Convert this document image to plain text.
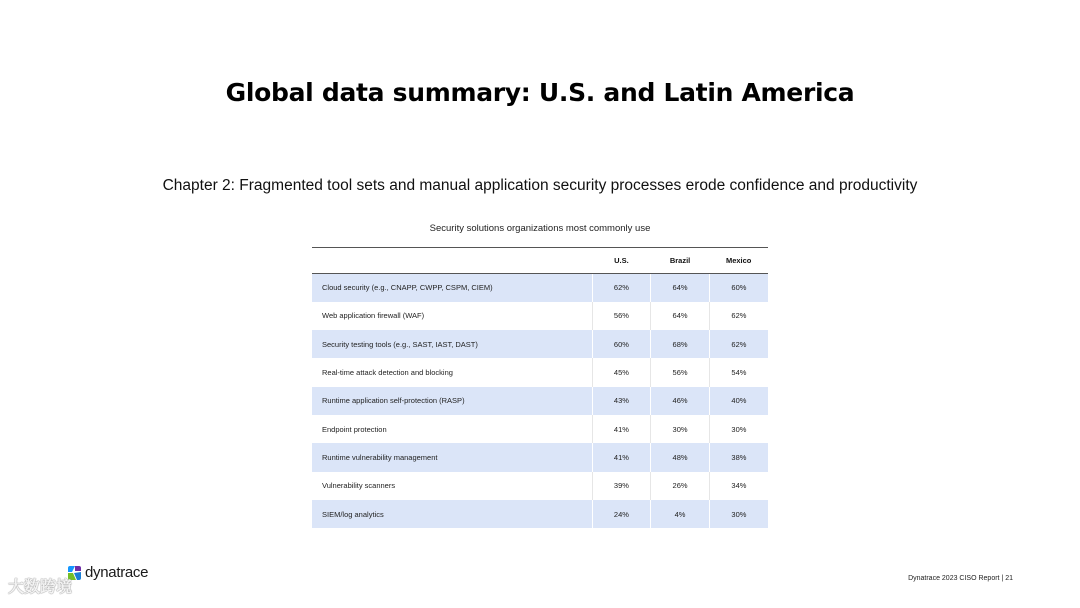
Global data summary: U.S. and Latin America
Chapter 2: Fragmented tool sets and manual application security processes erode confidence and productivity
Security solutions organizations most commonly use
	U.S.	Brazil	Mexico
Cloud security (e.g., CNAPP, CWPP, CSPM, CIEM)	62%	64%	60%
Web application firewall (WAF)	56%	64%	62%
Security testing tools (e.g., SAST, IAST, DAST)	60%	68%	62%
Real-time attack detection and blocking	45%	56%	54%
Runtime application self-protection (RASP)	43%	46%	40%
Endpoint protection	41%	30%	30%
Runtime vulnerability management	41%	48%	38%
Vulnerability scanners	39%	26%	34%
SIEM/log analytics	24%	4%	30%
dynatrace
大数跨境	Dynatrace 2023 CISO Report | 21
